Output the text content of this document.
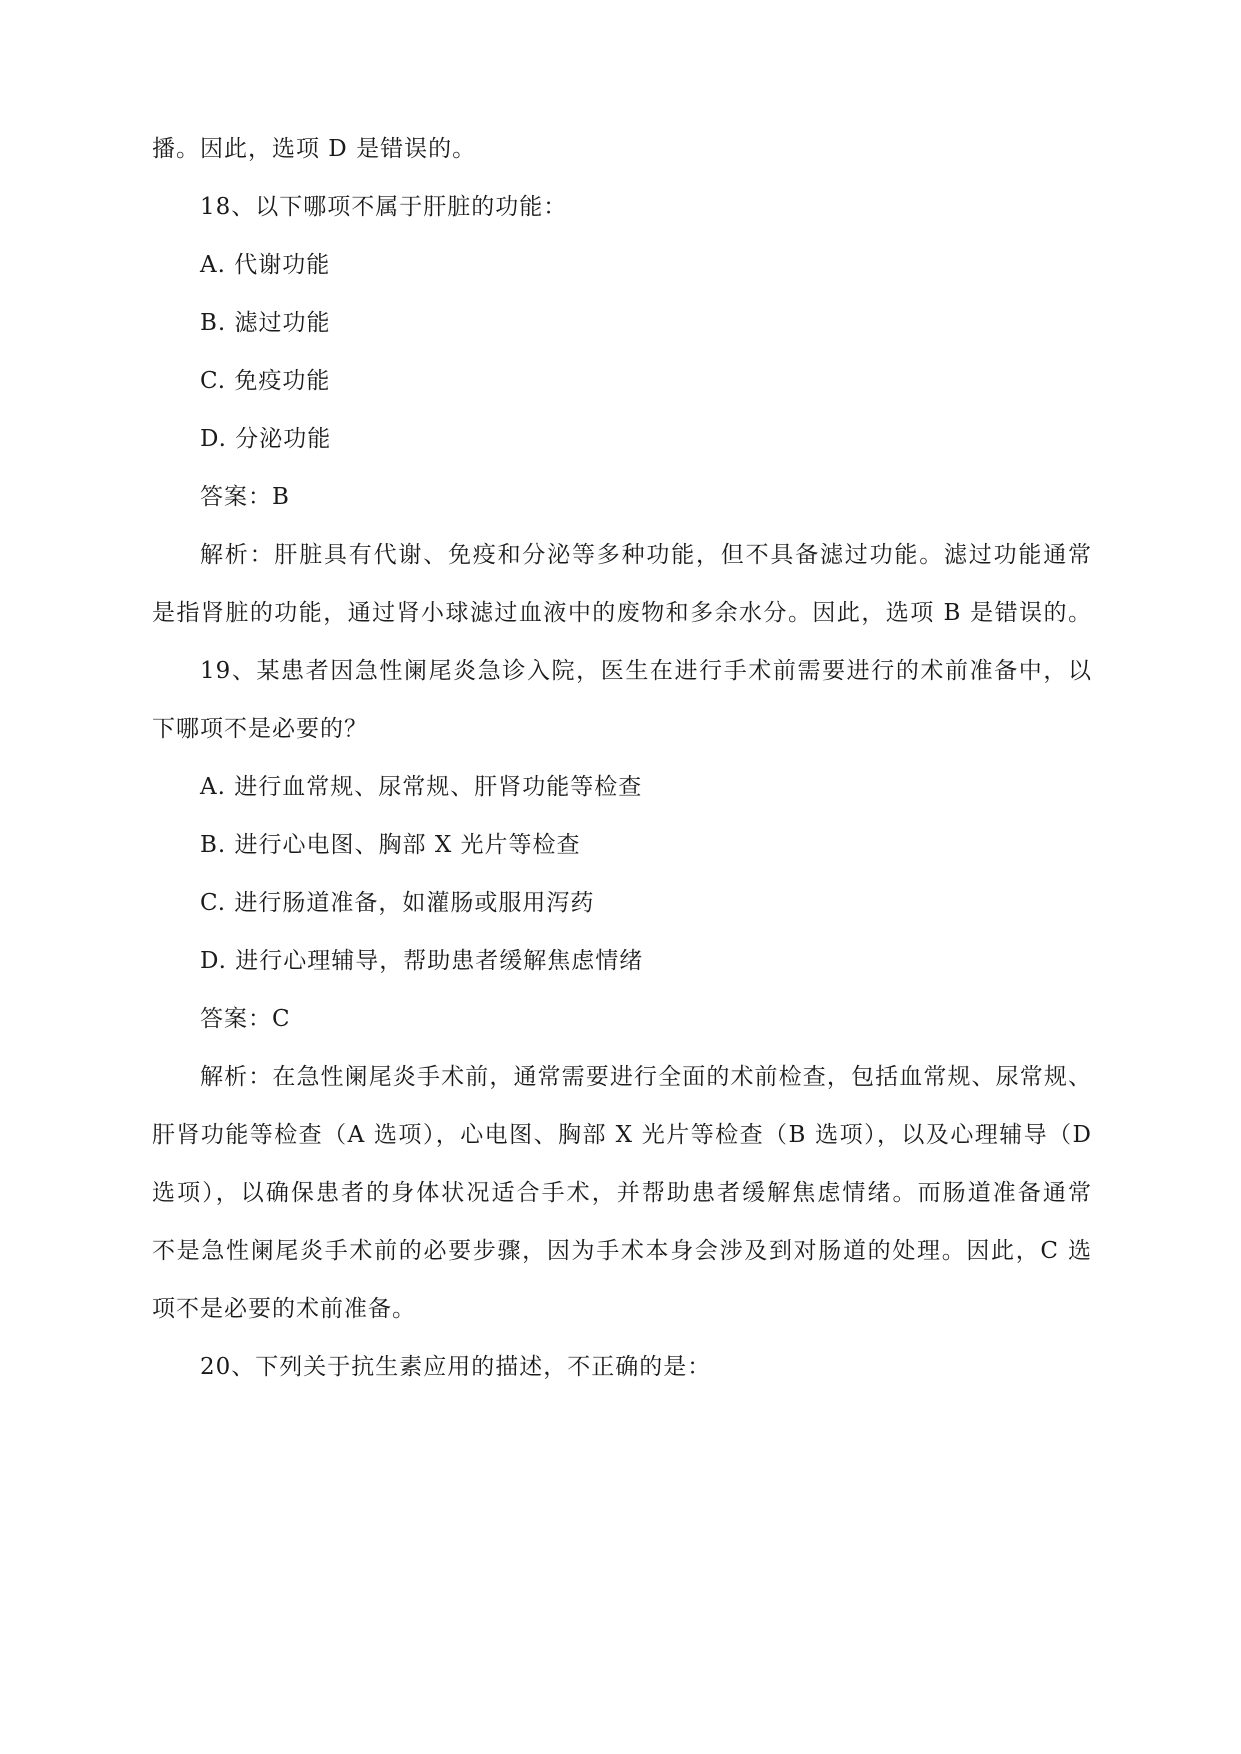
播。因此，选项 D 是错误的。
18、以下哪项不属于肝脏的功能：
A. 代谢功能
B. 滤过功能
C. 免疫功能
D. 分泌功能
答案：B
解析：肝脏具有代谢、免疫和分泌等多种功能，但不具备滤过功能。滤过功能通常
是指肾脏的功能，通过肾小球滤过血液中的废物和多余水分。因此，选项 B 是错误的。
19、某患者因急性阑尾炎急诊入院，医生在进行手术前需要进行的术前准备中，以
下哪项不是必要的？
A. 进行血常规、尿常规、肝肾功能等检查
B. 进行心电图、胸部 X 光片等检查
C. 进行肠道准备，如灌肠或服用泻药
D. 进行心理辅导，帮助患者缓解焦虑情绪
答案：C
解析：在急性阑尾炎手术前，通常需要进行全面的术前检查，包括血常规、尿常规、
肝肾功能等检查（A 选项），心电图、胸部 X 光片等检查（B 选项），以及心理辅导（D
选项），以确保患者的身体状况适合手术，并帮助患者缓解焦虑情绪。而肠道准备通常
不是急性阑尾炎手术前的必要步骤，因为手术本身会涉及到对肠道的处理。因此，C 选
项不是必要的术前准备。
20、下列关于抗生素应用的描述，不正确的是：
